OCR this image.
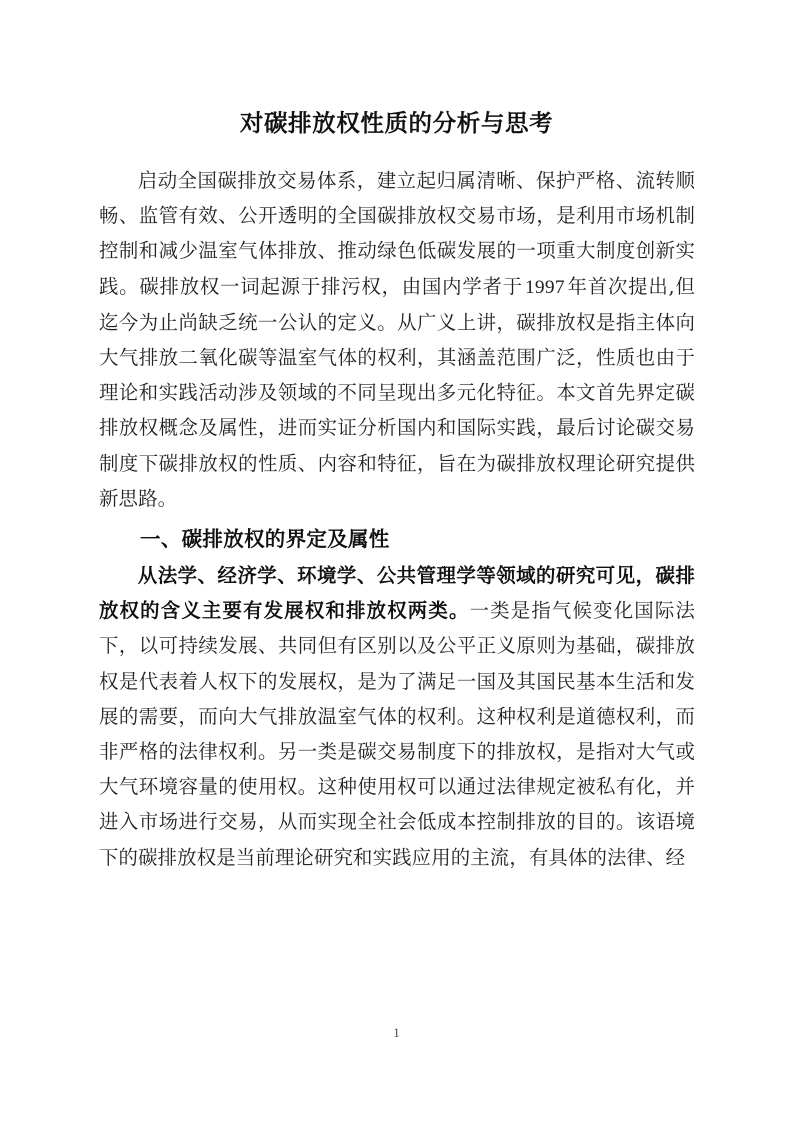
对碳排放权性质的分析与思考

启动全国碳排放交易体系，建立起归属清晰、保护严格、流转顺畅、监管有效、公开透明的全国碳排放权交易市场，是利用市场机制控制和减少温室气体排放、推动绿色低碳发展的一项重大制度创新实践。碳排放权一词起源于排污权，由国内学者于 1997 年首次提出,但迄今为止尚缺乏统一公认的定义。从广义上讲，碳排放权是指主体向大气排放二氧化碳等温室气体的权利，其涵盖范围广泛，性质也由于理论和实践活动涉及领域的不同呈现出多元化特征。本文首先界定碳排放权概念及属性，进而实证分析国内和国际实践，最后讨论碳交易制度下碳排放权的性质、内容和特征，旨在为碳排放权理论研究提供新思路。

一、碳排放权的界定及属性

从法学、经济学、环境学、公共管理学等领域的研究可见，碳排放权的含义主要有发展权和排放权两类。一类是指气候变化国际法下，以可持续发展、共同但有区别以及公平正义原则为基础，碳排放权是代表着人权下的发展权，是为了满足一国及其国民基本生活和发展的需要，而向大气排放温室气体的权利。这种权利是道德权利，而非严格的法律权利。另一类是碳交易制度下的排放权，是指对大气或大气环境容量的使用权。这种使用权可以通过法律规定被私有化，并进入市场进行交易，从而实现全社会低成本控制排放的目的。该语境下的碳排放权是当前理论研究和实践应用的主流，有具体的法律、经

1
